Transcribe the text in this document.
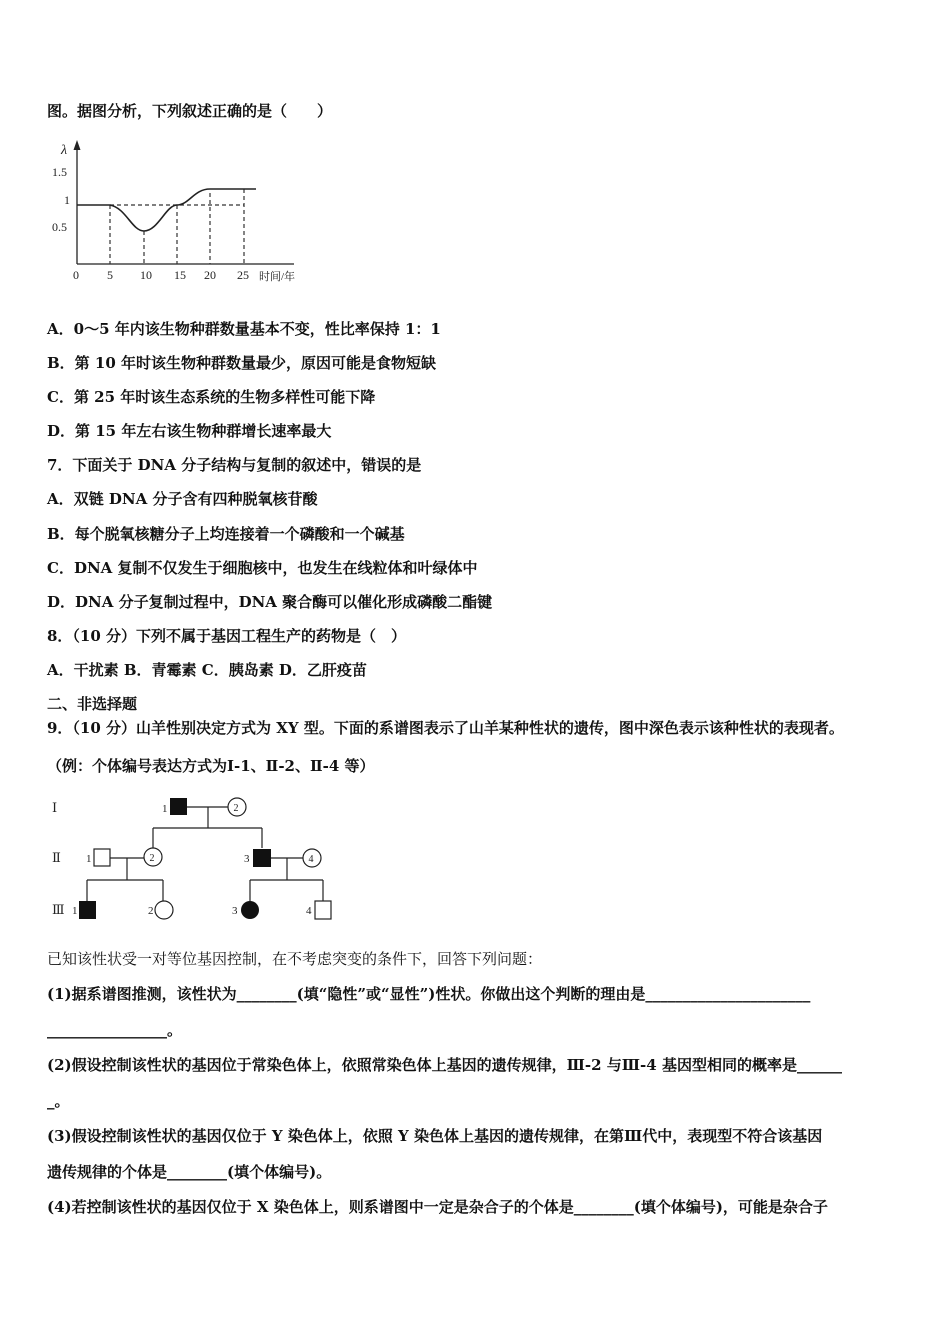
图。据图分析，下列叙述正确的是（　　）
λ
1.5
1
0.5
0 5 10 15 20 25 时间/年
A．0～5 年内该生物种群数量基本不变，性比率保持 1：1
B．第 10 年时该生物种群数量最少，原因可能是食物短缺
C．第 25 年时该生态系统的生物多样性可能下降
D．第 15 年左右该生物种群增长速率最大
7．下面关于 DNA 分子结构与复制的叙述中，错误的是
A．双链 DNA 分子含有四种脱氧核苷酸
B．每个脱氧核糖分子上均连接着一个磷酸和一个碱基
C．DNA 复制不仅发生于细胞核中，也发生在线粒体和叶绿体中
D．DNA 分子复制过程中，DNA 聚合酶可以催化形成磷酸二酯键
8．（10 分）下列不属于基因工程生产的药物是（　）
A．干扰素 B．青霉素 C．胰岛素 D．乙肝疫苗
二、非选择题
9．（10 分）山羊性别决定方式为 XY 型。下面的系谱图表示了山羊某种性状的遗传，图中深色表示该种性状的表现者。
（例：个体编号表达方式为Ⅰ-1、Ⅱ-2、Ⅱ-4 等）
Ⅰ
Ⅱ
Ⅲ
1	2
1	2	3	4
1	2	3	4
已知该性状受一对等位基因控制，在不考虑突变的条件下，回答下列问题：
(1)据系谱图推测，该性状为________(填“隐性”或“显性”)性状。你做出这个判断的理由是______________________
________________。
(2)假设控制该性状的基因位于常染色体上，依照常染色体上基因的遗传规律，Ⅲ-2 与Ⅲ-4 基因型相同的概率是______
_。
(3)假设控制该性状的基因仅位于 Y 染色体上，依照 Y 染色体上基因的遗传规律，在第Ⅲ代中，表现型不符合该基因
遗传规律的个体是________(填个体编号)。
(4)若控制该性状的基因仅位于 X 染色体上，则系谱图中一定是杂合子的个体是________(填个体编号)，可能是杂合子
